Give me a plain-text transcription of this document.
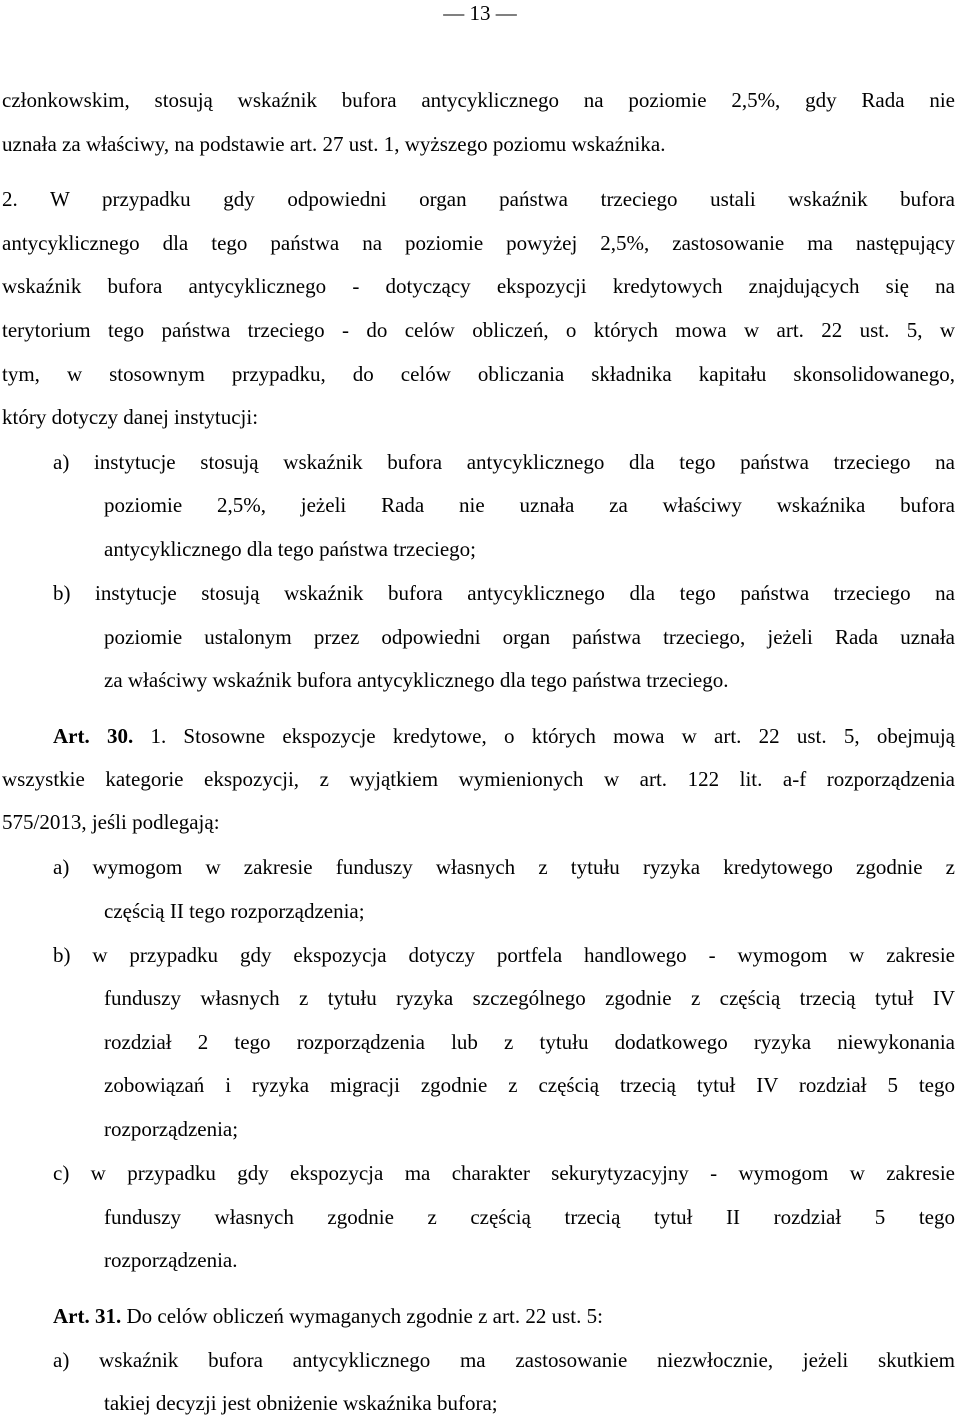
— 13 —
członkowskim, stosują wskaźnik bufora antycyklicznego na poziomie 2,5%, gdy Rada nie
uznała za właściwy, na podstawie art. 27 ust. 1, wyższego poziomu wskaźnika.
2. W przypadku gdy odpowiedni organ państwa trzeciego ustali wskaźnik bufora
antycyklicznego dla tego państwa na poziomie powyżej 2,5%, zastosowanie ma następujący
wskaźnik bufora antycyklicznego - dotyczący ekspozycji kredytowych znajdujących się na
terytorium tego państwa trzeciego - do celów obliczeń, o których mowa w art. 22 ust. 5, w
tym, w stosownym przypadku, do celów obliczania składnika kapitału skonsolidowanego,
który dotyczy danej instytucji:
a) instytucje stosują wskaźnik bufora antycyklicznego dla tego państwa trzeciego na
poziomie 2,5%, jeżeli Rada nie uznała za właściwy wskaźnika bufora
antycyklicznego dla tego państwa trzeciego;
b) instytucje stosują wskaźnik bufora antycyklicznego dla tego państwa trzeciego na
poziomie ustalonym przez odpowiedni organ państwa trzeciego, jeżeli Rada uznała
za właściwy wskaźnik bufora antycyklicznego dla tego państwa trzeciego.
Art. 30. 1. Stosowne ekspozycje kredytowe, o których mowa w art. 22 ust. 5, obejmują
wszystkie kategorie ekspozycji, z wyjątkiem wymienionych w art. 122 lit. a-f rozporządzenia
575/2013, jeśli podlegają:
a) wymogom w zakresie funduszy własnych z tytułu ryzyka kredytowego zgodnie z
częścią II tego rozporządzenia;
b) w przypadku gdy ekspozycja dotyczy portfela handlowego - wymogom w zakresie
funduszy własnych z tytułu ryzyka szczególnego zgodnie z częścią trzecią tytuł IV
rozdział 2 tego rozporządzenia lub z tytułu dodatkowego ryzyka niewykonania
zobowiązań i ryzyka migracji zgodnie z częścią trzecią tytuł IV rozdział 5 tego
rozporządzenia;
c) w przypadku gdy ekspozycja ma charakter sekurytyzacyjny - wymogom w zakresie
funduszy własnych zgodnie z częścią trzecią tytuł II rozdział 5 tego
rozporządzenia.
Art. 31. Do celów obliczeń wymaganych zgodnie z art. 22 ust. 5:
a) wskaźnik bufora antycyklicznego ma zastosowanie niezwłocznie, jeżeli skutkiem
takiej decyzji jest obniżenie wskaźnika bufora;
